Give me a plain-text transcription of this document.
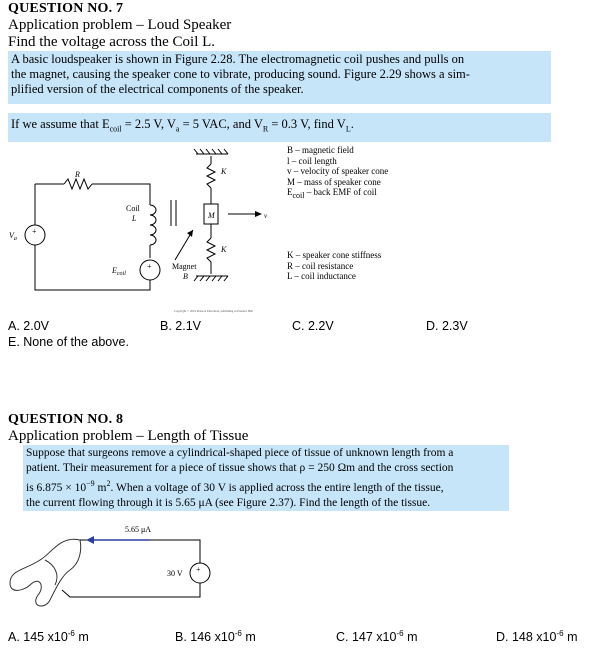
QUESTION NO. 7
Application problem – Loud Speaker
Find the voltage across the Coil L.
A basic loudspeaker is shown in Figure 2.28. The electromagnetic coil pushes and pulls on
the magnet, causing the speaker cone to vibrate, producing sound. Figure 2.29 shows a sim-
plified version of the electrical components of the speaker.
If we assume that $E_{coil} = 2.5$ V, $V_a = 5$ VAC, and $V_R = 0.3$ V, find $V_L$.
R
Coil
L
$V_a$
+
+
$E_{coil}$
Magnet
B
M	v
K
K
Copyright © 2016 Pearson Education, publishing as Prentice Hall
B – magnetic field
l – coil length
v – velocity of speaker cone
M – mass of speaker cone
$E_{coil}$ – back EMF of coil
K – speaker cone stiffness
R – coil resistance
L – coil inductance
A. 2.0V	B. 2.1V	C. 2.2V	D. 2.3V
E. None of the above.
QUESTION NO. 8
Application problem – Length of Tissue
Suppose that surgeons remove a cylindrical-shaped piece of tissue of unknown length from a
patient. Their measurement for a piece of tissue shows that ρ = 250 Ωm and the cross section
is $6.875 \times 10^{-9}$ $m^2$. When a voltage of 30 V is applied across the entire length of the tissue,
the current flowing through it is 5.65 μA (see Figure 2.37). Find the length of the tissue.
+
5.65 μA
30 V
A. 145 $x10^{-6}$ m	B. 146 $x10^{-6}$ m	C. 147 $x10^{-6}$ m	D. 148 $x10^{-6}$ m
